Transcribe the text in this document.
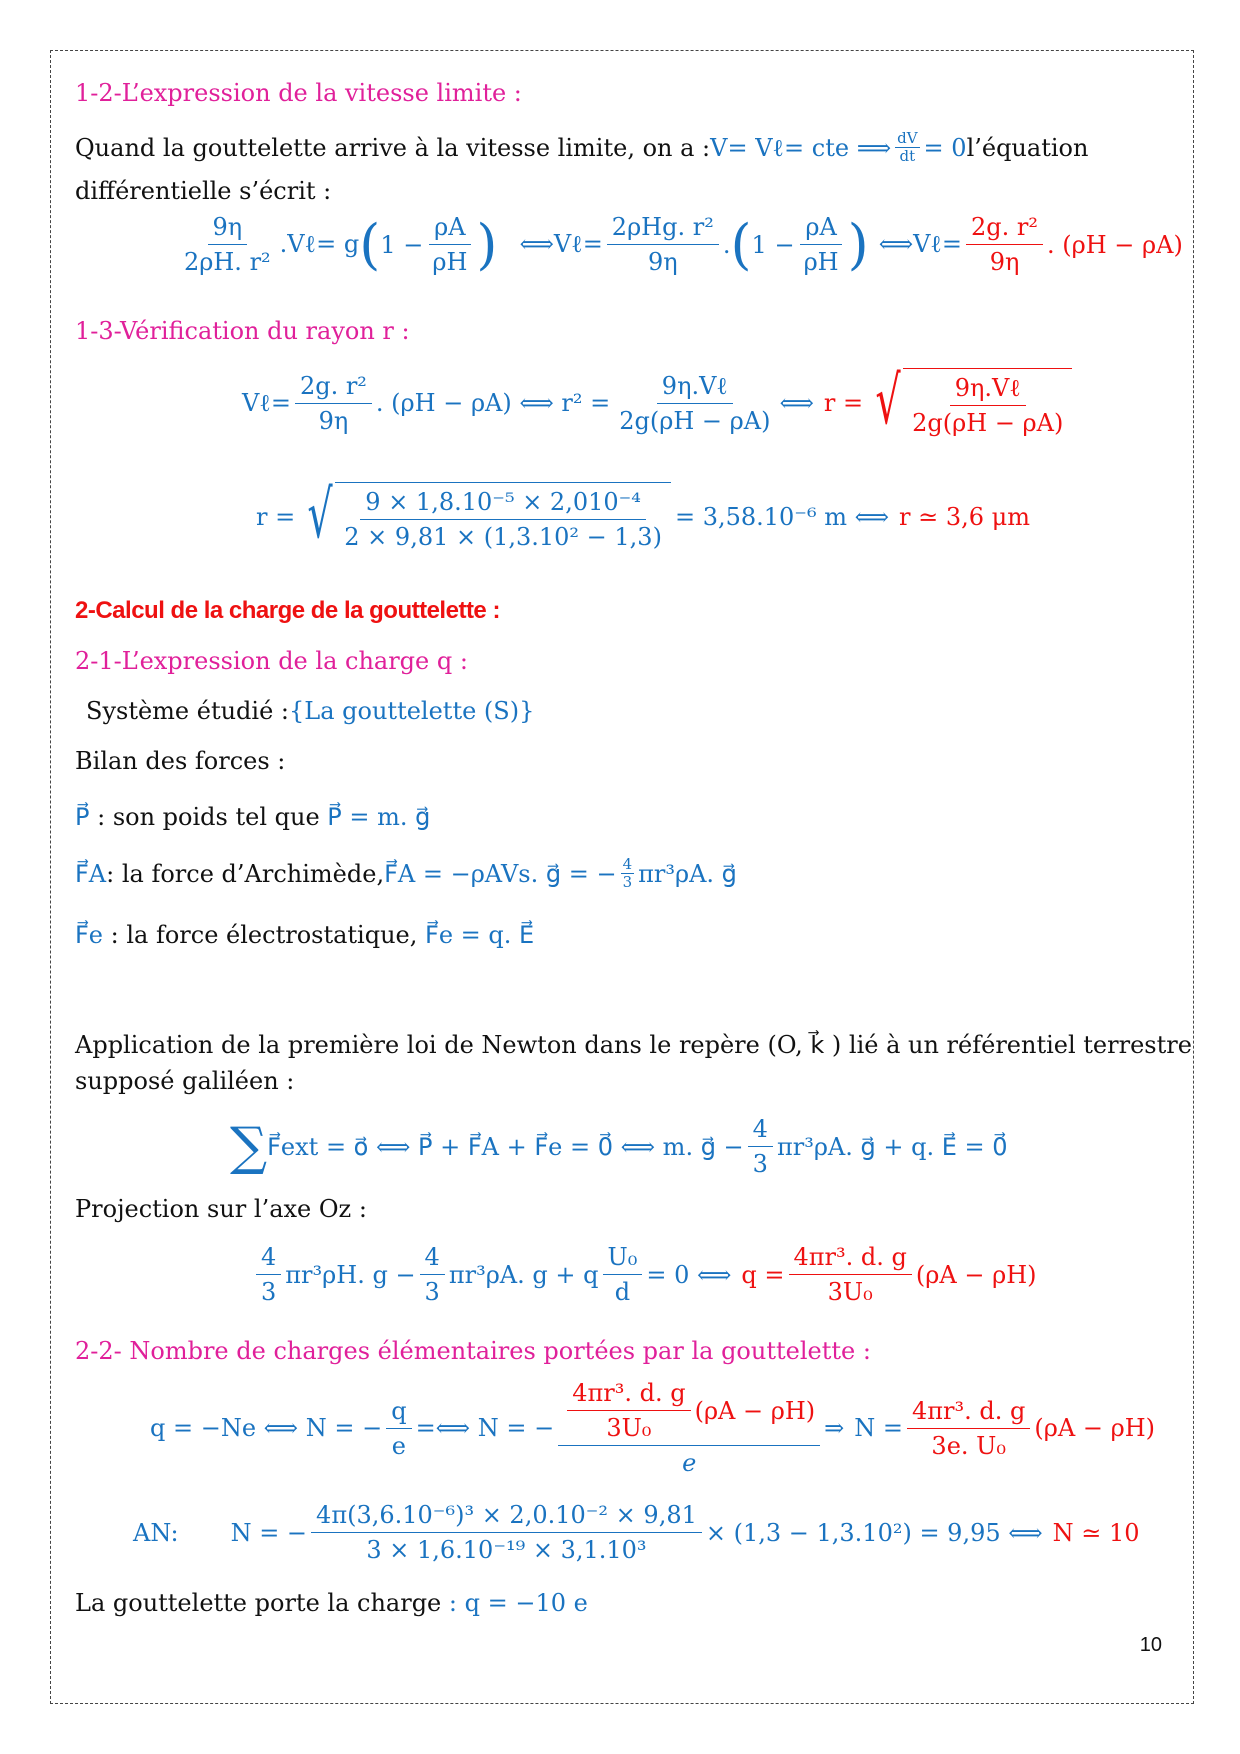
1-2-L’expression de la vitesse limite :
Quand la gouttelette arrive à la vitesse limite, on a : V= Vℓ= cte ⟹ $\frac{dV}{dt} = 0$ l’équation
différentielle s’écrit :
$\frac{9\eta}{\text{2ρH. r²}}$ .Vℓ= g ( $1 - \frac{\rho A}{\rho H}$ ) ⟺Vℓ= $\frac{\text{2ρHg. r²}}{9\eta}$ . ( $1 - \frac{\rho A}{\rho H}$ ) ⟺Vℓ= $\frac{\text{2g. r²}}{9\eta}$ . (ρH − ρA)
1-3-Vérification du rayon r :
Vℓ= $\frac{\text{2g. r²}}{9\eta}$ . (ρH − ρA) ⟺ $r^2 = \frac{\text{9η.Vℓ}}{2g(\rho H - \rho A)}$ ⟺ r = √ $\frac{\text{9η.Vℓ}}{2g(\rho H - \rho A)}$
r = √ $\frac{\text{9 × 1,8.10⁻⁵ × 2,010⁻⁴}}{\text{2 × 9,81 × (1,3.10² − 1,3)}} = 3,58.10^{-6}$ m ⟺ r ≃ 3,6 μm
2-Calcul de la charge de la gouttelette :
2-1-L’expression de la charge q :
Système étudié :{La gouttelette (S)}
Bilan des forces :
P⃗ : son poids tel que P⃗ = m. g⃗
F⃗A : la force d’Archimède, F⃗A = −ρAVs. g⃗ = − $\frac{4}{3} \pi r^3\rho A$. g⃗
F⃗e : la force électrostatique, F⃗e = q. E⃗
Application de la première loi de Newton dans le repère (O, k⃗ ) lié à un référentiel terrestre
supposé galiléen :
∑ F⃗ext = o⃗ ⟺ P⃗ + F⃗A + F⃗e = 0⃗ ⟺ m. g⃗ − $\frac{4}{3} \pi r^3\rho A$. g⃗ + q. E⃗ = 0⃗
Projection sur l’axe Oz :
$\frac{4}{3} \pi r^3\rho H$. $g - \frac{4}{3} \pi r^3\rho A$. g + q $\frac{\text{U₀}}{d} = 0$ ⟺ $q = \frac{\text{4πr³. d. g}}{\text{3U₀}} (\rho A - \rho H)$
2-2- Nombre de charges élémentaires portées par la gouttelette :
q = −Ne ⟺ N = − $\frac{q}{e}$ =⟺ N = − $\frac{\frac{\text{4πr³. d. g}}{\text{3U₀}} (\rho A - \rho H)}{e}$ ⇒ $N = \frac{\text{4πr³. d. g}}{\text{3e. U₀}} (\rho A - \rho H)$
AN: N = − $\frac{\text{4π(3,6.10⁻⁶)³ × 2,0.10⁻² × 9,81}}{\text{3 × 1,6.10⁻¹⁹ × 3,1.10³}} \times (1,3 - 1,3.10^2) = 9,95$ ⟺ N ≃ 10
La gouttelette porte la charge : q = −10 e
10
